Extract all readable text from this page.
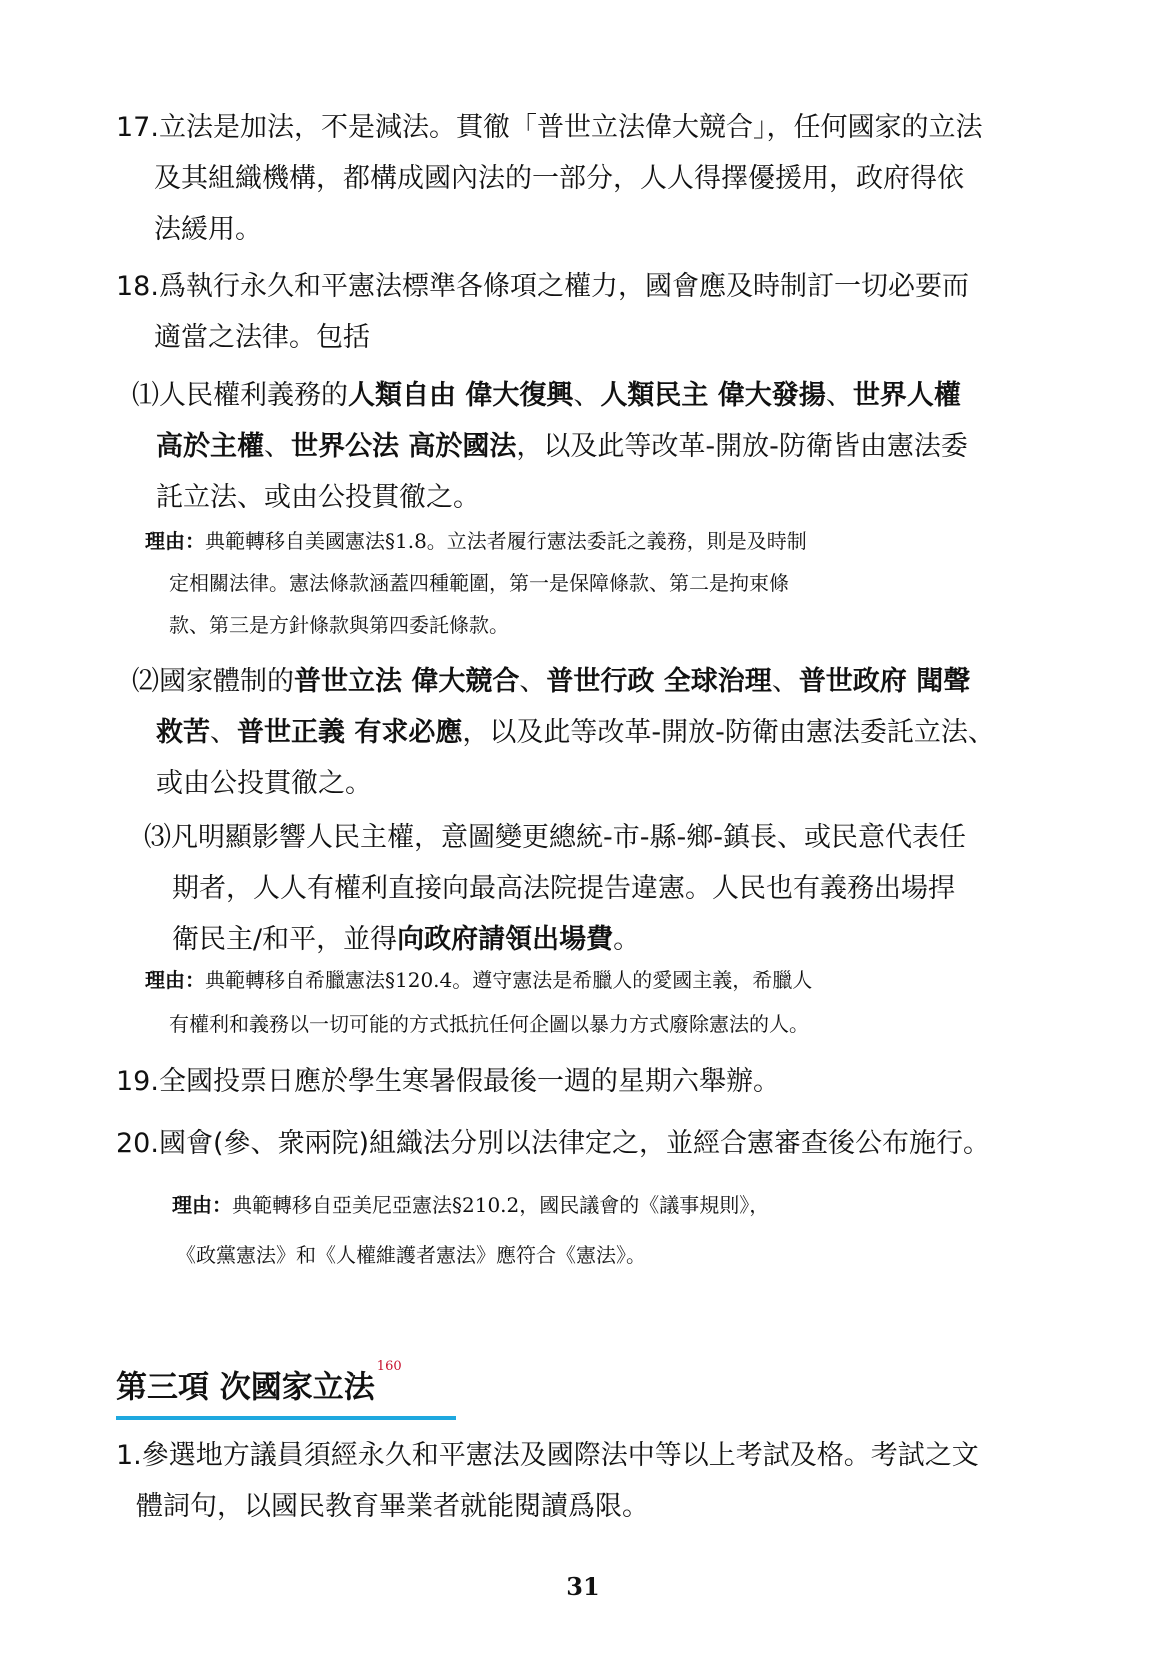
17.立法是加法，不是減法。貫徹「普世立法偉大競合」，任何國家的立法
及其組織機構，都構成國內法的一部分，人人得擇優援用，政府得依
法緩用。
18.爲執行永久和平憲法標準各條項之權力，國會應及時制訂一切必要而
適當之法律。包括
⑴人民權利義務的人類自由 偉大復興、人類民主 偉大發揚、世界人權
高於主權、世界公法 高於國法，以及此等改革-開放-防衛皆由憲法委
託立法、或由公投貫徹之。
理由：典範轉移自美國憲法§1.8。立法者履行憲法委託之義務，則是及時制
定相關法律。憲法條款涵蓋四種範圍，第一是保障條款、第二是拘束條
款、第三是方針條款與第四委託條款。
⑵國家體制的普世立法 偉大競合、普世行政 全球治理、普世政府 聞聲
救苦、普世正義 有求必應，以及此等改革-開放-防衛由憲法委託立法、
或由公投貫徹之。
⑶凡明顯影響人民主權，意圖變更總統-市-縣-鄉-鎮長、或民意代表任
期者，人人有權利直接向最高法院提告違憲。人民也有義務出場捍
衛民主/和平，並得向政府請領出場費。
理由：典範轉移自希臘憲法§120.4。遵守憲法是希臘人的愛國主義，希臘人
有權利和義務以一切可能的方式抵抗任何企圖以暴力方式廢除憲法的人。
19.全國投票日應於學生寒暑假最後一週的星期六舉辦。
20.國會(參、衆兩院)組織法分別以法律定之，並經合憲審查後公布施行。
理由：典範轉移自亞美尼亞憲法§210.2，國民議會的《議事規則》，
《政黨憲法》和《人權維護者憲法》應符合《憲法》。
第三項 次國家立法$^{160}$
1.參選地方議員須經永久和平憲法及國際法中等以上考試及格。考試之文
體詞句，以國民教育畢業者就能閱讀爲限。
31
